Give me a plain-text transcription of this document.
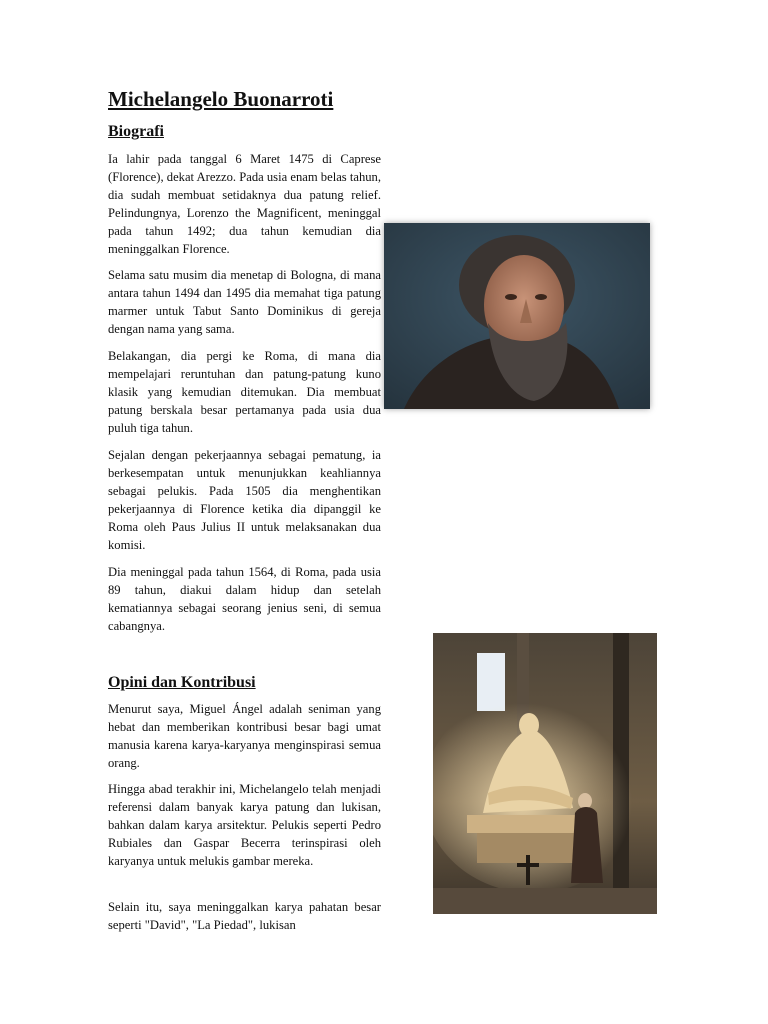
Michelangelo Buonarroti
Biografi

Ia lahir pada tanggal 6 Maret 1475 di Caprese (Florence), dekat Arezzo. Pada usia enam belas tahun, dia sudah membuat setidaknya dua patung relief. Pelindungnya, Lorenzo the Magnificent, meninggal pada tahun 1492; dua tahun kemudian dia meninggalkan Florence.

Selama satu musim dia menetap di Bologna, di mana antara tahun 1494 dan 1495 dia memahat tiga patung marmer untuk Tabut Santo Dominikus di gereja dengan nama yang sama.

Belakangan, dia pergi ke Roma, di mana dia mempelajari reruntuhan dan patung-patung kuno klasik yang kemudian ditemukan. Dia membuat patung berskala besar pertamanya pada usia dua puluh tiga tahun.

Sejalan dengan pekerjaannya sebagai pematung, ia berkesempatan untuk menunjukkan keahliannya sebagai pelukis. Pada 1505 dia menghentikan pekerjaannya di Florence ketika dia dipanggil ke Roma oleh Paus Julius II untuk melaksanakan dua komisi.

Dia meninggal pada tahun 1564, di Roma, pada usia 89 tahun, diakui dalam hidup dan setelah kematiannya sebagai seorang jenius seni, di semua cabangnya.

Opini dan Kontribusi

Menurut saya, Miguel Ángel adalah seniman yang hebat dan memberikan kontribusi besar bagi umat manusia karena karya-karyanya menginspirasi semua orang.

Hingga abad terakhir ini, Michelangelo telah menjadi referensi dalam banyak karya patung dan lukisan, bahkan dalam karya arsitektur. Pelukis seperti Pedro Rubiales dan Gaspar Becerra terinspirasi oleh karyanya untuk melukis gambar mereka.

Selain itu, saya meninggalkan karya pahatan besar seperti "David", "La Piedad", lukisan
